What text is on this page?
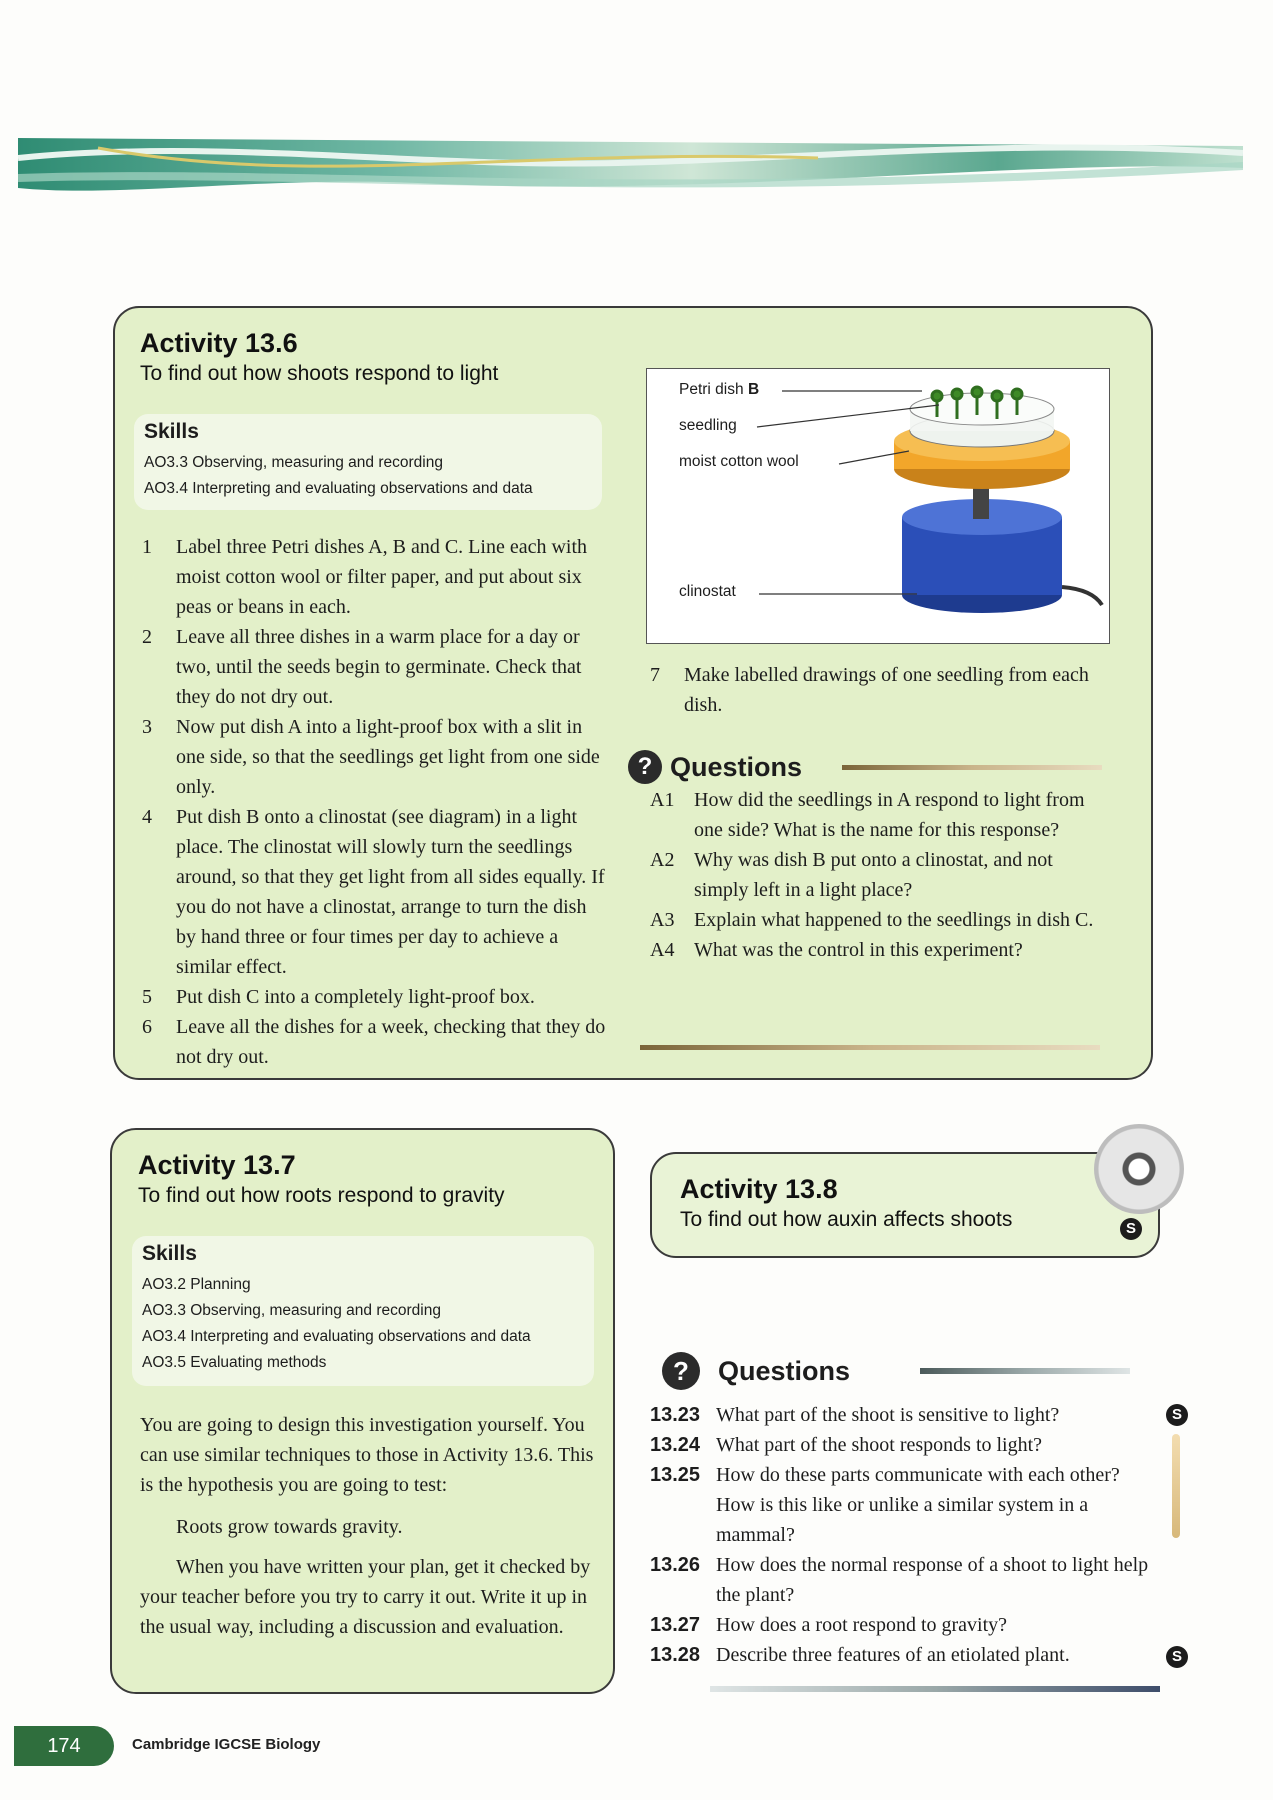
Activity 13.6
To find out how shoots respond to light
Skills
AO3.3 Observing, measuring and recording
AO3.4 Interpreting and evaluating observations and data
1	Label three Petri dishes A, B and C. Line each with moist cotton wool or filter paper, and put about six peas or beans in each.
2	Leave all three dishes in a warm place for a day or two, until the seeds begin to germinate. Check that they do not dry out.
3	Now put dish A into a light-proof box with a slit in one side, so that the seedlings get light from one side only.
4	Put dish B onto a clinostat (see diagram) in a light place. The clinostat will slowly turn the seedlings around, so that they get light from all sides equally. If you do not have a clinostat, arrange to turn the dish by hand three or four times per day to achieve a similar effect.
5	Put dish C into a completely light-proof box.
6	Leave all the dishes for a week, checking that they do not dry out.
Petri dish B
seedling
moist cotton wool
clinostat
7	Make labelled drawings of one seedling from each dish.
? Questions
A1 How did the seedlings in A respond to light from one side? What is the name for this response?
A2 Why was dish B put onto a clinostat, and not simply left in a light place?
A3 Explain what happened to the seedlings in dish C.
A4 What was the control in this experiment?
Activity 13.7
To find out how roots respond to gravity
Skills
AO3.2 Planning
AO3.3 Observing, measuring and recording
AO3.4 Interpreting and evaluating observations and data
AO3.5 Evaluating methods
You are going to design this investigation yourself. You can use similar techniques to those in Activity 13.6. This is the hypothesis you are going to test:
Roots grow towards gravity.
When you have written your plan, get it checked by your teacher before you try to carry it out. Write it up in the usual way, including a discussion and evaluation.
Activity 13.8
To find out how auxin affects shoots	S
?	Questions
13.23 What part of the shoot is sensitive to light?
13.24 What part of the shoot responds to light?
13.25 How do these parts communicate with each other? How is this like or unlike a similar system in a mammal?
13.26 How does the normal response of a shoot to light help the plant?
13.27 How does a root respond to gravity?
13.28 Describe three features of an etiolated plant.
S
S
174	Cambridge IGCSE Biology
